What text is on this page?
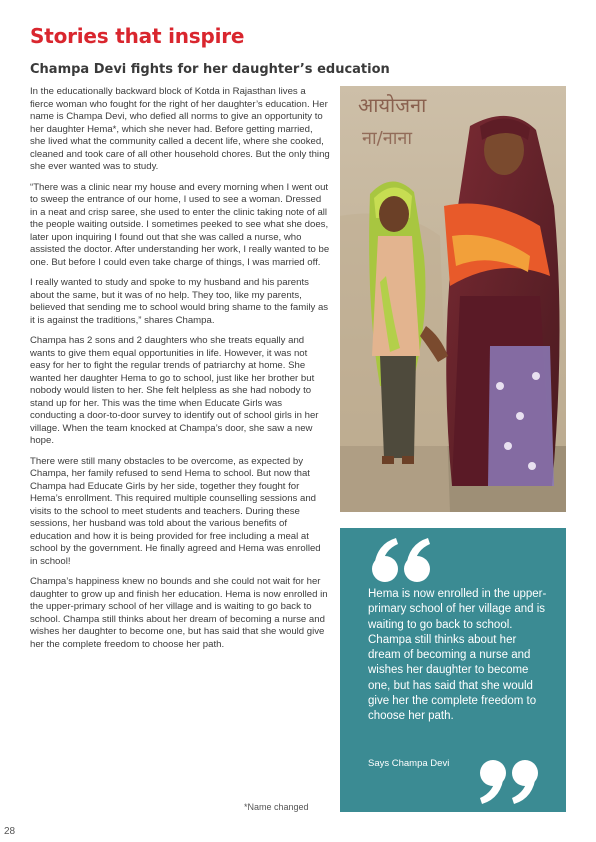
Stories that inspire
Champa Devi fights for her daughter’s education

In the educationally backward block of Kotda in Rajasthan lives a fierce woman who fought for the right of her daughter’s education. Her name is Champa Devi, who defied all norms to give an opportunity to her daughter Hema*, which she never had. Before getting married, she lived what the community called a decent life, where she cooked, cleaned and took care of all other household chores. But the only thing she ever wanted was to study.

“There was a clinic near my house and every morning when I went out to sweep the entrance of our home, I used to see a woman. Dressed in a neat and crisp saree, she used to enter the clinic taking note of all the people waiting outside. I sometimes peeked to see what she does, later upon inquiring I found out that she was called a nurse, who assisted the doctor. After understanding her work, I really wanted to be one. But before I could even take charge of things, I was married off.

I really wanted to study and spoke to my husband and his parents about the same, but it was of no help. They too, like my parents, believed that sending me to school would bring shame to the family as it is against the traditions,” shares Champa.

Champa has 2 sons and 2 daughters who she treats equally and wants to give them equal opportunities in life. However, it was not easy for her to fight the regular trends of patriarchy at home. She wanted her daughter Hema to go to school, just like her brother but nobody would listen to her. She felt helpless as she had nobody to stand up for her. This was the time when Educate Girls was conducting a door-to-door survey to identify out of school girls in her village. When the team knocked at Champa’s door, she saw a new hope.

There were still many obstacles to be overcome, as expected by Champa, her family refused to send Hema to school. But now that Champa had Educate Girls by her side, together they fought for Hema’s enrollment. This required multiple counselling sessions and visits to the school to meet students and teachers. During these sessions, her husband was told about the various benefits of education and how it is being provided for free including a meal at school by the government. He finally agreed and Hema was enrolled in school!

Champa’s happiness knew no bounds and she could not wait for her daughter to grow up and finish her education. Hema is now enrolled in the upper-primary school of her village and is waiting to go back to school. Champa still thinks about her dream of becoming a nurse and wishes her daughter to become one, but has said that she would give her the complete freedom to choose her path.

*Name changed
28
आयोजना
ना/नाना

Hema is now enrolled in the upper-primary school of her village and is waiting to go back to school. Champa still thinks about her dream of becoming a nurse and wishes her daughter to become one, but has said that she would give her the complete freedom to choose her path.

Says Champa Devi
